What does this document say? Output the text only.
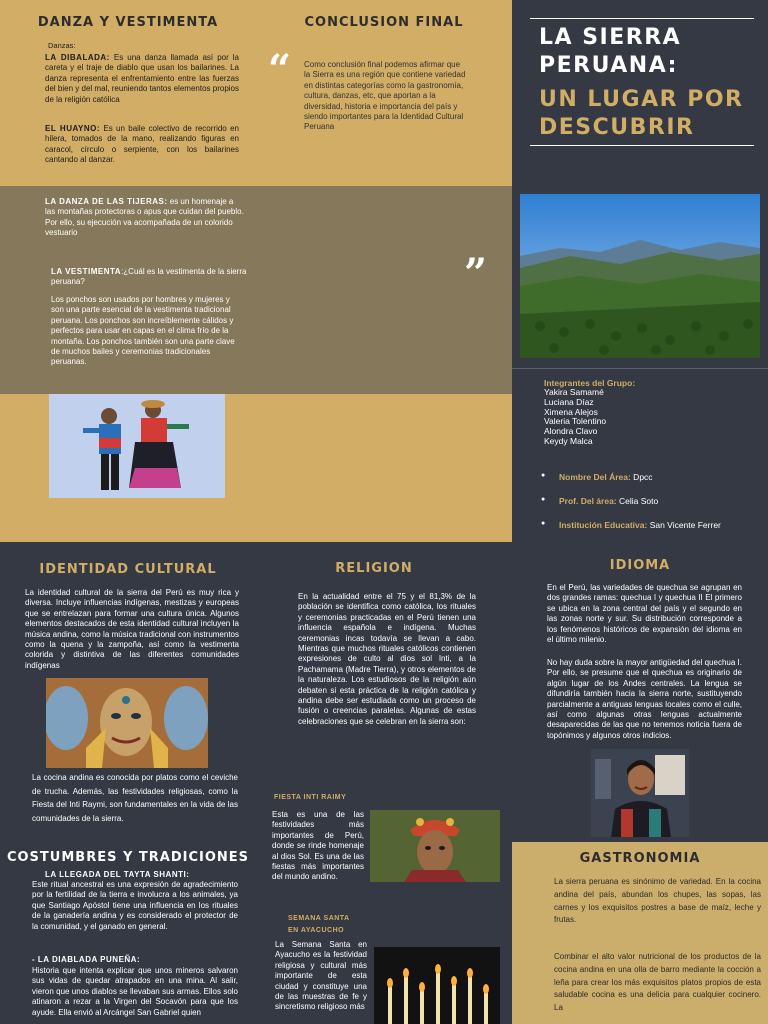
DANZA Y VESTIMENTA
Danzas:
LA DIBALADA: Es una danza llamada así por la careta y el traje de diablo que usan los bailarines. La danza representa el enfrentamiento entre las fuerzas del bien y del mal, reuniendo tantos elementos propios de la religión católica
EL HUAYNO: Es un baile colectivo de recorrido en hilera, tomados de la mano, realizando figuras en caracol, círculo o serpiente, con los bailarines cantando al danzar.
LA DANZA DE LAS TIJERAS: es un homenaje a las montañas protectoras o apus que cuidan del pueblo. Por ello, su ejecución va acompañada de un colorido vestuario
LA VESTIMENTA:¿Cuál es la vestimenta de la sierra peruana?
Los ponchos son usados por hombres y mujeres y son una parte esencial de la vestimenta tradicional peruana. Los ponchos son increíblemente cálidos y perfectos para usar en capas en el clima frío de la montaña. Los ponchos también son una parte clave de muchos bailes y ceremonias tradicionales peruanas.
IDENTIDAD CULTURAL
La identidad cultural de la sierra del Perú es muy rica y diversa. Incluye influencias indígenas, mestizas y europeas que se entrelazan para formar una cultura única. Algunos elementos destacados de esta identidad cultural incluyen la música andina, como la música tradicional con instrumentos como la quena y la zampoña, así como la vestimenta colorida y distintiva de las diferentes comunidades indígenas
La cocina andina es conocida por platos como el ceviche de trucha. Además, las festividades religiosas, como la Fiesta del Inti Raymi, son fundamentales en la vida de las comunidades de la sierra.
COSTUMBRES Y TRADICIONES
LA LLEGADA DEL TAYTA SHANTI:
Este ritual ancestral es una expresión de agradecimiento por la fertilidad de la tierra e involucra a los animales, ya que Santiago Apóstol tiene una influencia en los rituales de la ganadería andina y es considerado el protector de la comunidad, y el ganado en general.
- LA DIABLADA PUNEÑA:
Historia que intenta explicar que unos mineros salvaron sus vidas de quedar atrapados en una mina. Al salir, vieron que unos diablos se llevaban sus armas. Ellos solo atinaron a rezar a la Virgen del Socavón para que los ayude. Ella envió al Arcángel San Gabriel quien
CONCLUSION FINAL
“ Como conclusión final podemos afirmar que la Sierra es una región que contiene variedad en distintas categorías como la gastronomía, cultura, danzas, etc, que aportan a la diversidad, historia e importancia del país y siendo importantes para la Identidad Cultural Peruana
”
RELIGION
En la actualidad entre el 75 y el 81,3% de la población se identifica como católica, los rituales y ceremonias practicadas en el Perú tienen una influencia española e indígena. Muchas ceremonias incas todavía se llevan a cabo. Mientras que muchos rituales católicos contienen expresiones de culto al dios sol Inti, a la Pachamama (Madre Tierra), y otros elementos de la naturaleza. Los estudiosos de la religión aún debaten si esta práctica de la religión católica y andina debe ser estudiada como un proceso de fusión o creencias paralelas. Algunas de estas celebraciones que se celebran en la sierra son:
FIESTA INTI RAIMY
Esta es una de las festividades más importantes de Perú, donde se rinde homenaje al dios Sol. Es una de las fiestas más importantes del mundo andino.
SEMANA SANTA
EN AYACUCHO
La Semana Santa en Ayacucho es la festividad religiosa y cultural más importante de esta ciudad y constituye una de las muestras de fe y sincretismo religioso más
LA SIERRA
PERUANA:
UN LUGAR POR
DESCUBRIR
Integrantes del Grupo:
Yakira Samamé
Luciana Díaz
Ximena Alejos
Valeria Tolentino
Alondra Clavo
Keydy Malca
● Nombre Del Área: Dpcc
● Prof. Del área: Celia Soto
● Institución Educativa: San Vicente Ferrer
IDIOMA
En el Perú, las variedades de quechua se agrupan en dos grandes ramas: quechua I y quechua II El primero se ubica en la zona central del país y el segundo en las zonas norte y sur. Su distribución corresponde a los fenómenos históricos de expansión del idioma en el último milenio.
No hay duda sobre la mayor antigüedad del quechua I. Por ello, se presume que el quechua es originario de algún lugar de los Andes centrales. La lengua se difundiría también hacia la sierra norte, sustituyendo parcialmente a antiguas lenguas locales como el culle, así como algunas otras lenguas actualmente desaparecidas de las que no tenemos noticia fuera de topónimos y algunos otros indicios.
GASTRONOMIA
La sierra peruana es sinónimo de variedad. En la cocina andina del país, abundan los chupes, las sopas, las carnes y los exquisitos postres a base de maíz, leche y frutas.
Combinar el alto valor nutricional de los productos de la cocina andina en una olla de barro mediante la cocción a leña para crear los más exquisitos platos propios de esta saludable cocina es una delicia para cualquier cocinero. La
